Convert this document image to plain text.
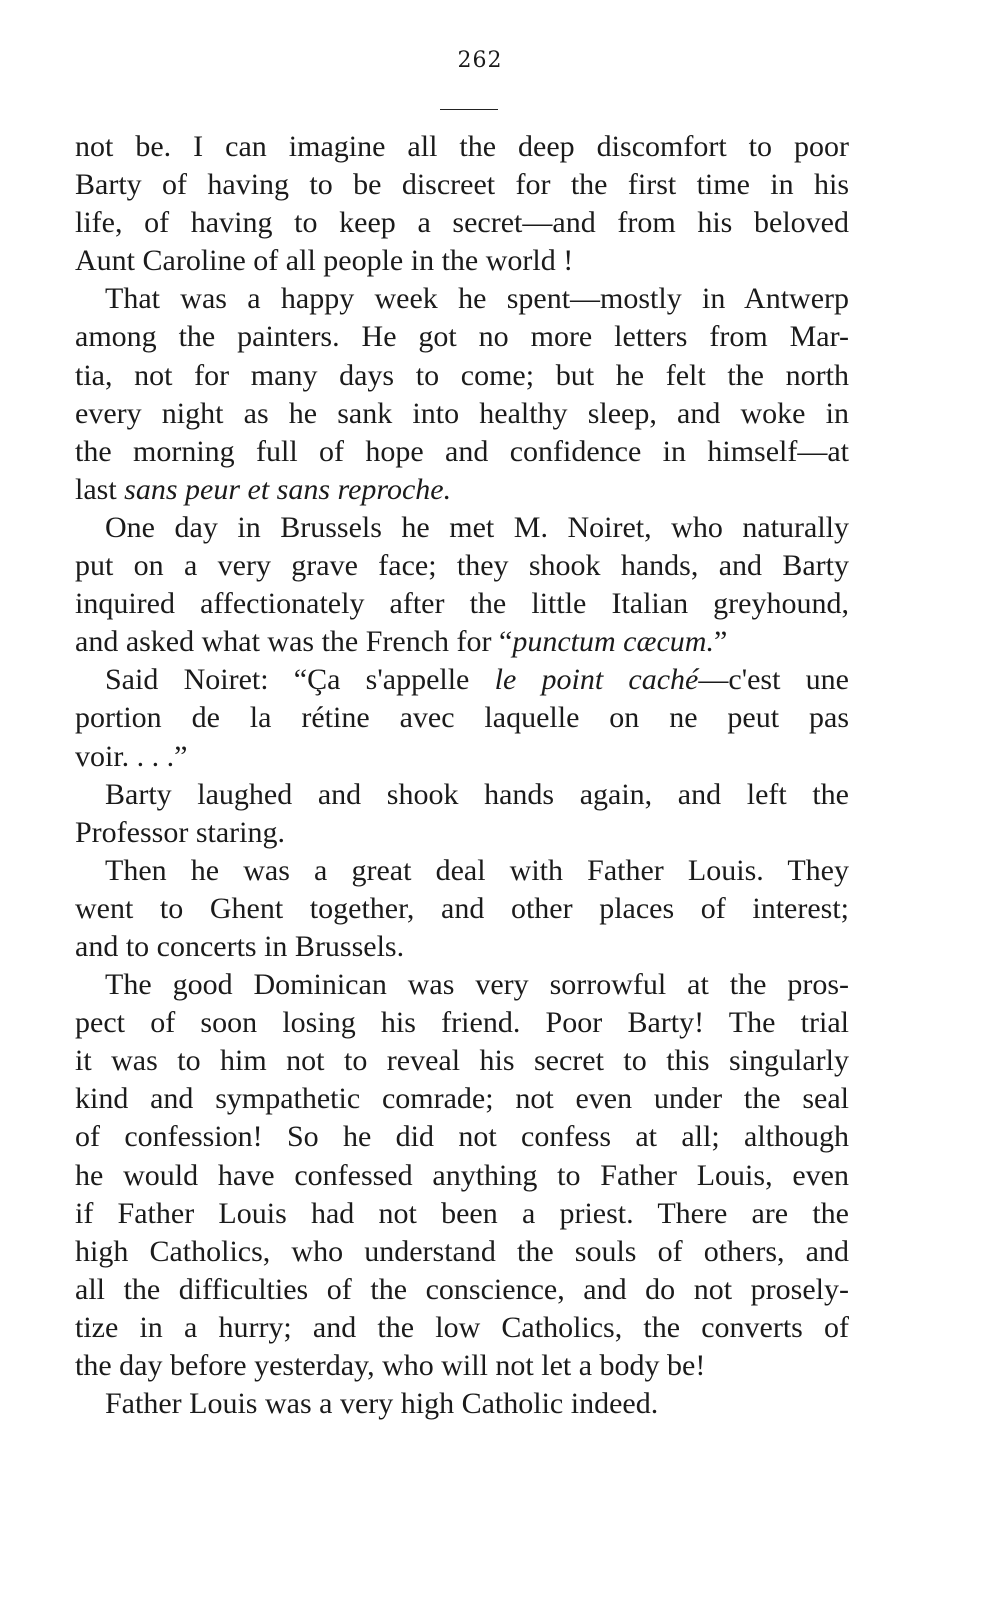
262
not be. I can imagine all the deep discomfort to poor
Barty of having to be discreet for the first time in his
life, of having to keep a secret—and from his beloved
Aunt Caroline of all people in the world !
That was a happy week he spent—mostly in Antwerp
among the painters. He got no more letters from Mar-
tia, not for many days to come; but he felt the north
every night as he sank into healthy sleep, and woke in
the morning full of hope and confidence in himself—at
last sans peur et sans reproche.
One day in Brussels he met M. Noiret, who naturally
put on a very grave face; they shook hands, and Barty
inquired affectionately after the little Italian greyhound,
and asked what was the French for “punctum cæcum.”
Said Noiret: “Ça s'appelle le point caché—c'est une
portion de la rétine avec laquelle on ne peut pas
voir. . . .”
Barty laughed and shook hands again, and left the
Professor staring.
Then he was a great deal with Father Louis. They
went to Ghent together, and other places of interest;
and to concerts in Brussels.
The good Dominican was very sorrowful at the pros-
pect of soon losing his friend. Poor Barty! The trial
it was to him not to reveal his secret to this singularly
kind and sympathetic comrade; not even under the seal
of confession! So he did not confess at all; although
he would have confessed anything to Father Louis, even
if Father Louis had not been a priest. There are the
high Catholics, who understand the souls of others, and
all the difficulties of the conscience, and do not prosely-
tize in a hurry; and the low Catholics, the converts of
the day before yesterday, who will not let a body be!
Father Louis was a very high Catholic indeed.
